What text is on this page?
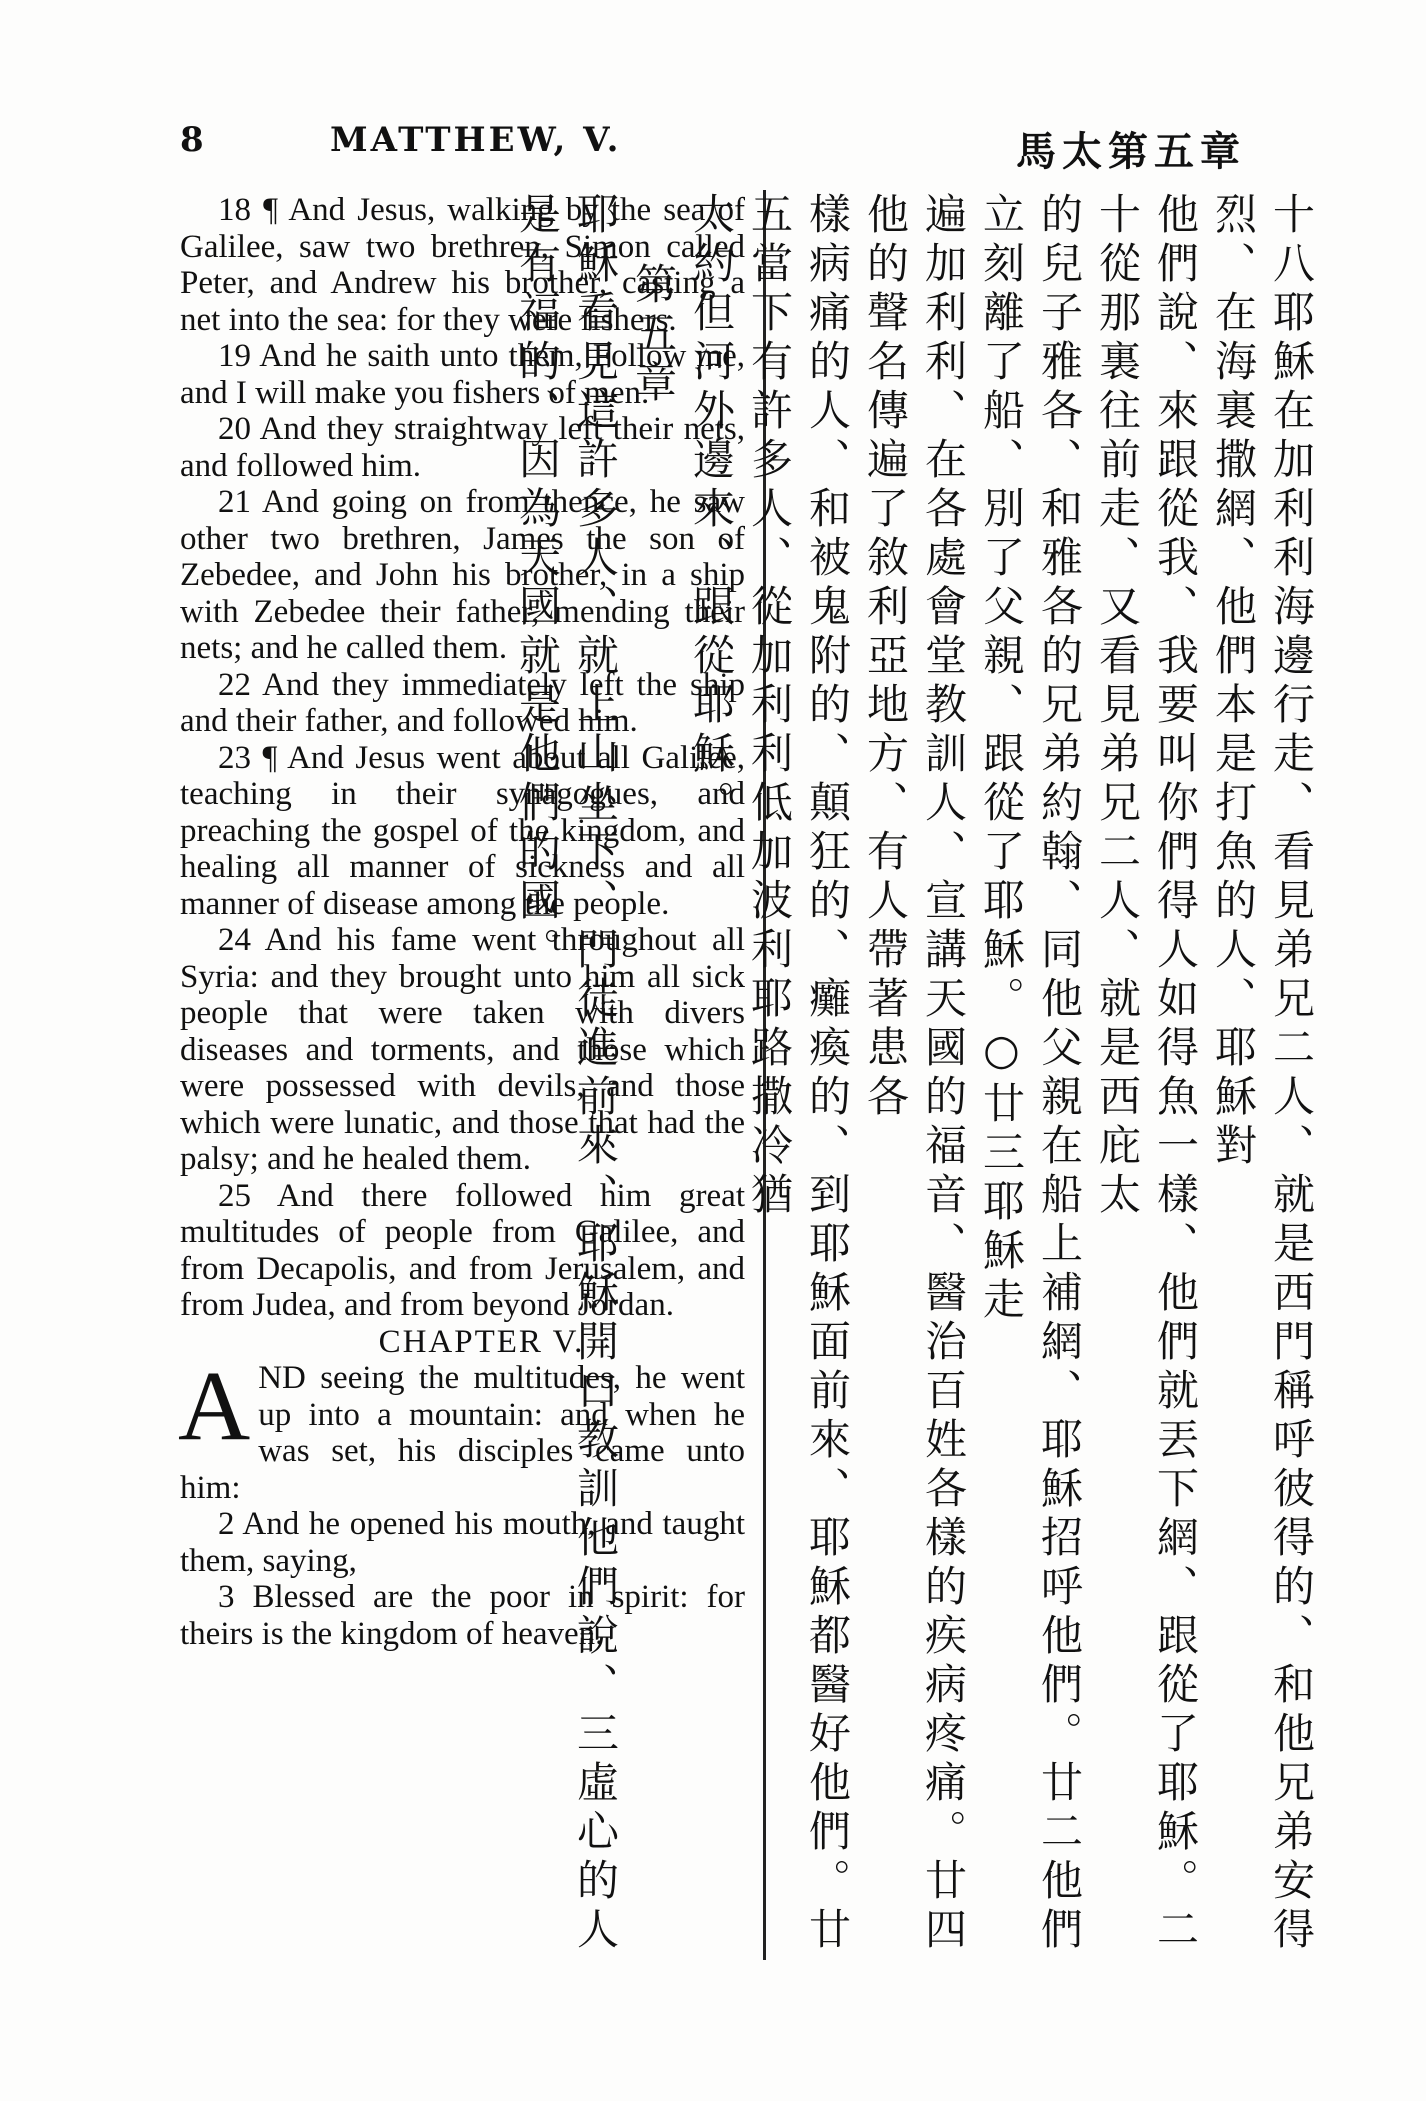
8	MATTHEW, V.	馬太第五章

18 ¶ And Jesus, walking by the sea of Galilee, saw two brethren, Simon called Peter, and Andrew his brother, casting a net into the sea: for they were fishers.

19 And he saith unto them, Follow me, and I will make you fishers of men.

20 And they straightway left their nets, and followed him.

21 And going on from thence, he saw other two brethren, James the son of Zebedee, and John his brother, in a ship with Zebedee their father, mending their nets; and he called them.

22 And they immediately left the ship and their father, and followed him.

23 ¶ And Jesus went about all Galilee, teaching in their synagogues, and preaching the gospel of the kingdom, and healing all manner of sickness and all manner of disease among the people.

24 And his fame went throughout all Syria: and they brought unto him all sick people that were taken with divers diseases and torments, and those which were possessed with devils, and those which were lunatic, and those that had the palsy; and he healed them.

25 And there followed him great multitudes of people from Galilee, and from Decapolis, and from Jerusalem, and from Judea, and from beyond Jordan.

CHAPTER V.

AND seeing the multitudes, he went up into a mountain: and when he was set, his disciples came unto him:

2 And he opened his mouth, and taught them, saying,

3 Blessed are the poor in spirit: for theirs is the kingdom of heaven.	十八耶穌在加利利海邊行走、看見弟兄二人、就是西門稱呼彼得的、和他兄弟安得烈、在海裏撒網、他們本是打魚的人、耶穌對
他們說、來跟從我、我要叫你們得人如得魚一樣、他們就丟下網、跟從了耶穌。二十從那裏往前走、又看見弟兄二人、就是西庇太
的兒子雅各、和雅各的兄弟約翰、同他父親在船上補網、耶穌招呼他們。廿二他們立刻離了船、別了父親、跟從了耶穌。○廿三耶穌走
遍加利利、在各處會堂教訓人、宣講天國的福音、醫治百姓各樣的疾病疼痛。廿四他的聲名傳遍了敘利亞地方、有人帶著患各
樣病痛的人、和被鬼附的、顛狂的、癱瘓的、到耶穌面前來、耶穌都醫好他們。廿五當下有許多人、從加利利低加波利耶路撒冷猶
太約但河外邊來、跟從耶穌。
第五章
耶穌看見這許多人、就上山坐下、門徒進前來、耶穌開口教訓他們說、三虛心的人是有福的、因為天國就是他們的國。
